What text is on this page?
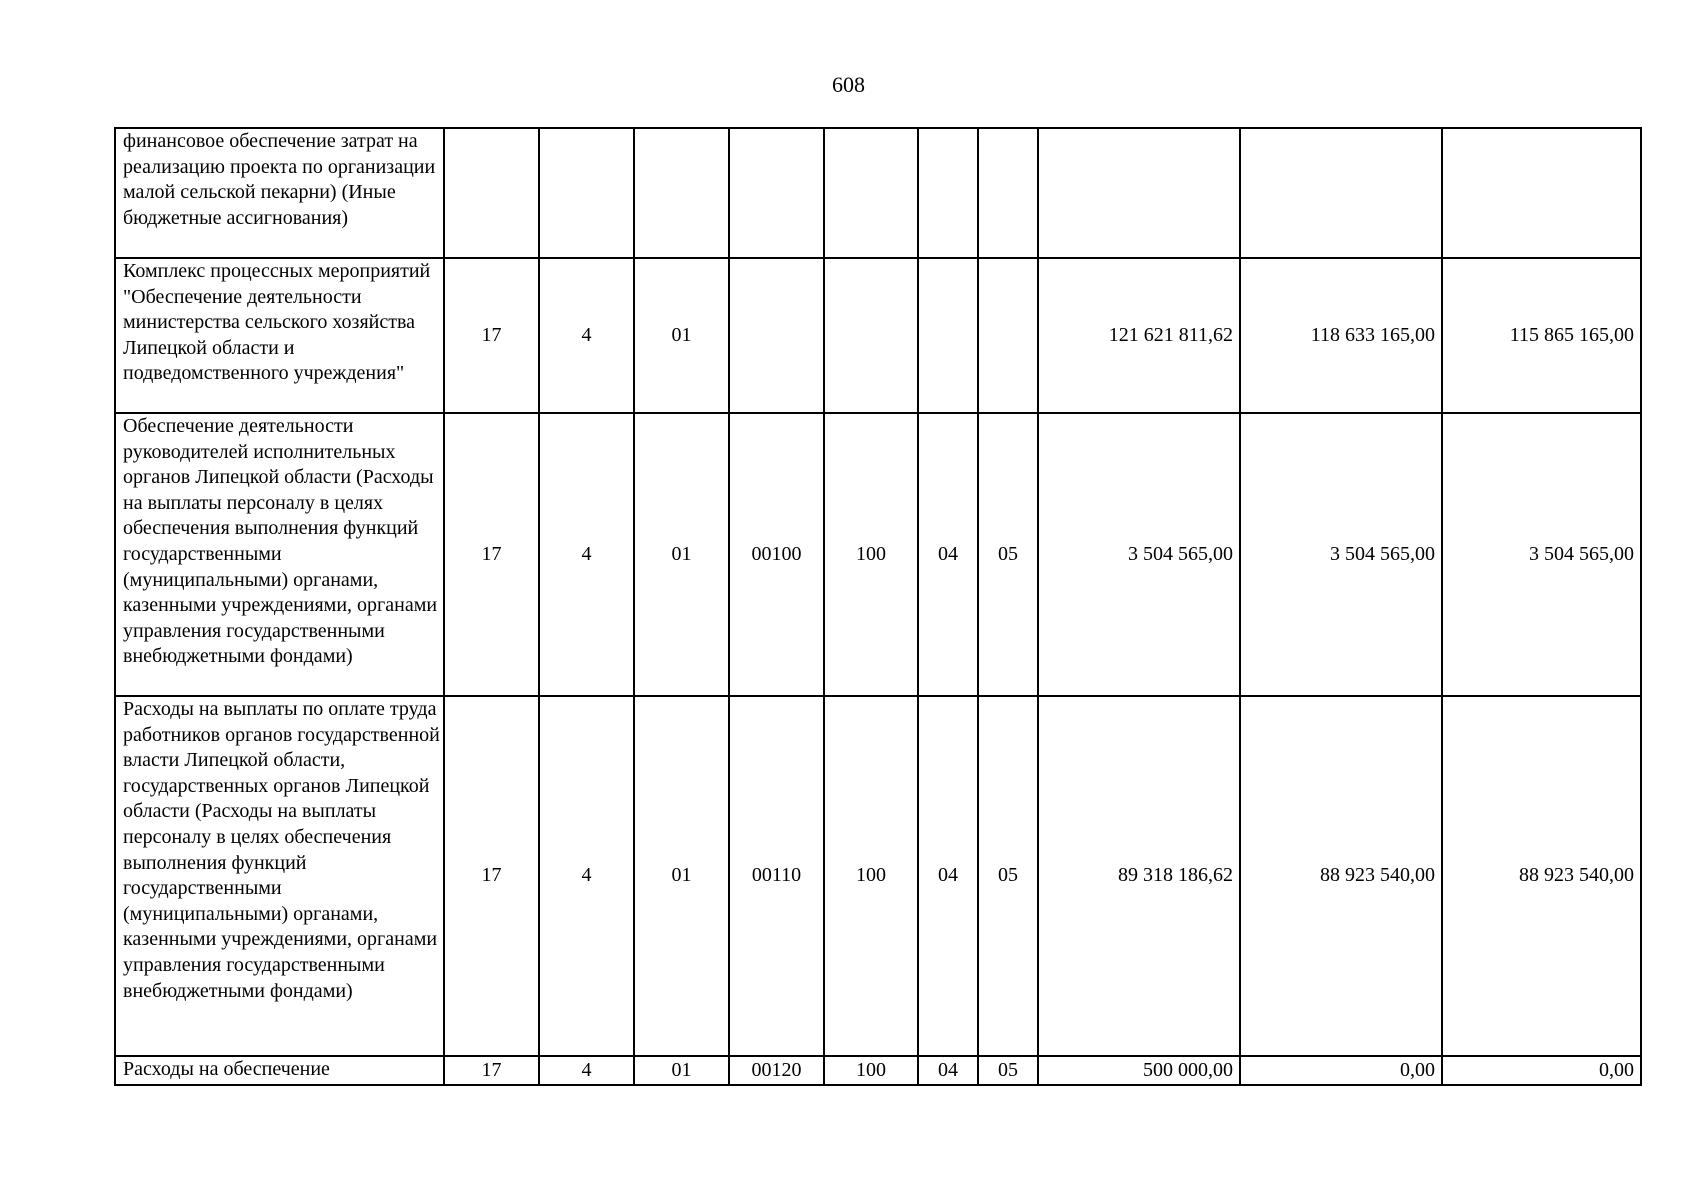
608
финансовое обеспечение затрат на реализацию проекта по организации малой сельской пекарни) (Иные бюджетные ассигнования)										
Комплекс процессных мероприятий "Обеспечение деятельности министерства сельского хозяйства Липецкой области и подведомственного учреждения"	17	4	01					121 621 811,62	118 633 165,00	115 865 165,00
Обеспечение деятельности руководителей исполнительных органов Липецкой области (Расходы на выплаты персоналу в целях обеспечения выполнения функций государственными (муниципальными) органами, казенными учреждениями, органами управления государственными внебюджетными фондами)	17	4	01	00100	100	04	05	3 504 565,00	3 504 565,00	3 504 565,00
Расходы на выплаты по оплате труда работников органов государственной власти Липецкой области, государственных органов Липецкой области (Расходы на выплаты персоналу в целях обеспечения выполнения функций государственными (муниципальными) органами, казенными учреждениями, органами управления государственными внебюджетными фондами)	17	4	01	00110	100	04	05	89 318 186,62	88 923 540,00	88 923 540,00
Расходы на обеспечение	17	4	01	00120	100	04	05	500 000,00	0,00	0,00
